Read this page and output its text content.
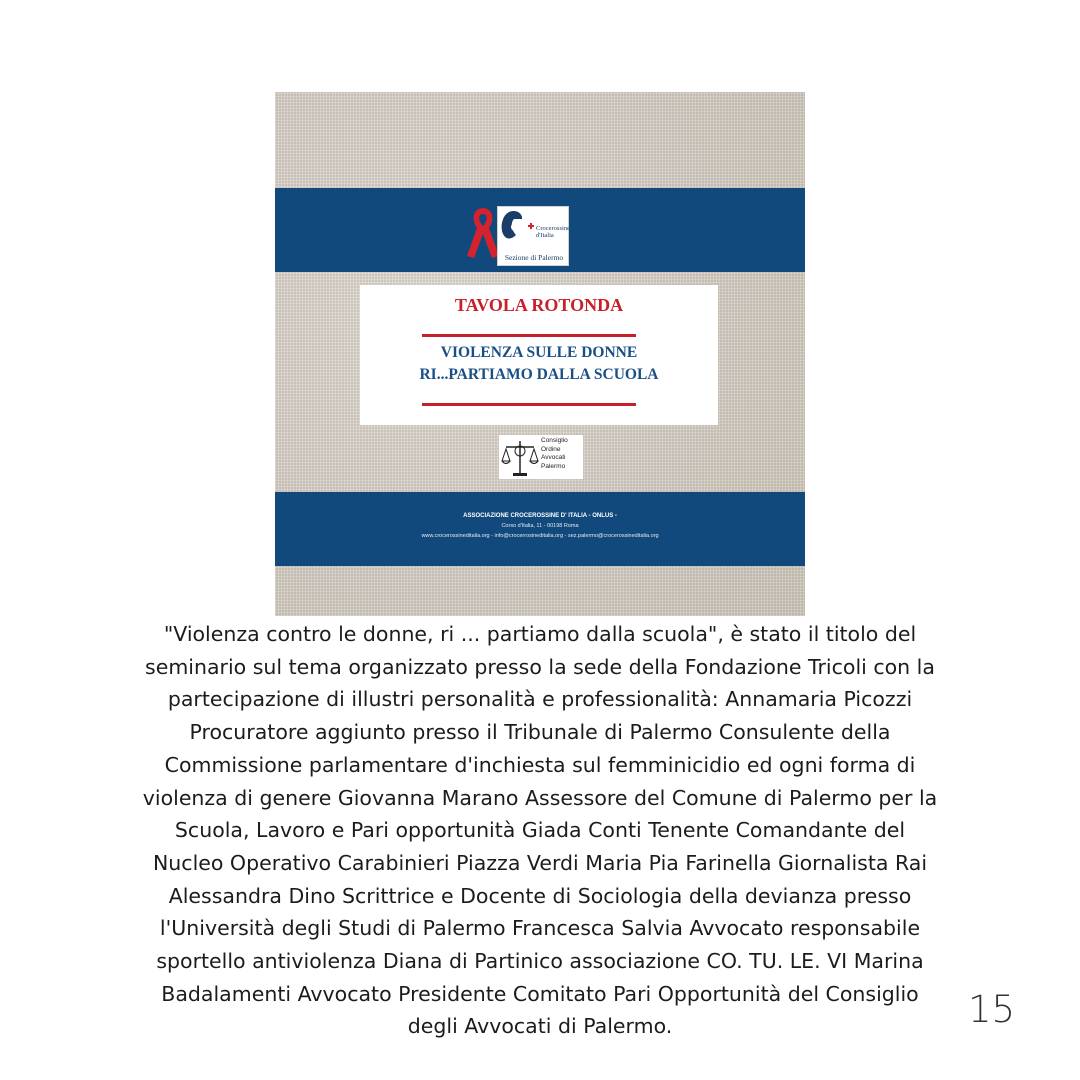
Crocerossine
d'Italia
Sezione di Palermo
TAVOLA ROTONDA
VIOLENZA SULLE DONNE
RI...PARTIAMO DALLA SCUOLA
Consiglio
Ordine
Avvocati
Palermo
ASSOCIAZIONE CROCEROSSINE D' ITALIA - ONLUS -
Corso d'Italia, 11 - 00198 Roma
www.crocerossineditalia.org - info@crocerrosineditalia.org - sez.palermo@crocerossineditalia.org
"Violenza contro le donne, ri ... partiamo dalla scuola", è stato il titolo del
seminario sul tema organizzato presso la sede della Fondazione Tricoli con la
partecipazione di illustri personalità e professionalità: Annamaria Picozzi
Procuratore aggiunto presso il Tribunale di Palermo Consulente della
Commissione parlamentare d'inchiesta sul femminicidio ed ogni forma di
violenza di genere Giovanna Marano Assessore del Comune di Palermo per la
Scuola, Lavoro e Pari opportunità Giada Conti Tenente Comandante del
Nucleo Operativo Carabinieri Piazza Verdi Maria Pia Farinella Giornalista Rai
Alessandra Dino Scrittrice e Docente di Sociologia della devianza presso
l'Università degli Studi di Palermo Francesca Salvia Avvocato responsabile
sportello antiviolenza Diana di Partinico associazione CO. TU. LE. VI Marina
Badalamenti Avvocato Presidente Comitato Pari Opportunità del Consiglio
degli Avvocati di Palermo.	15
